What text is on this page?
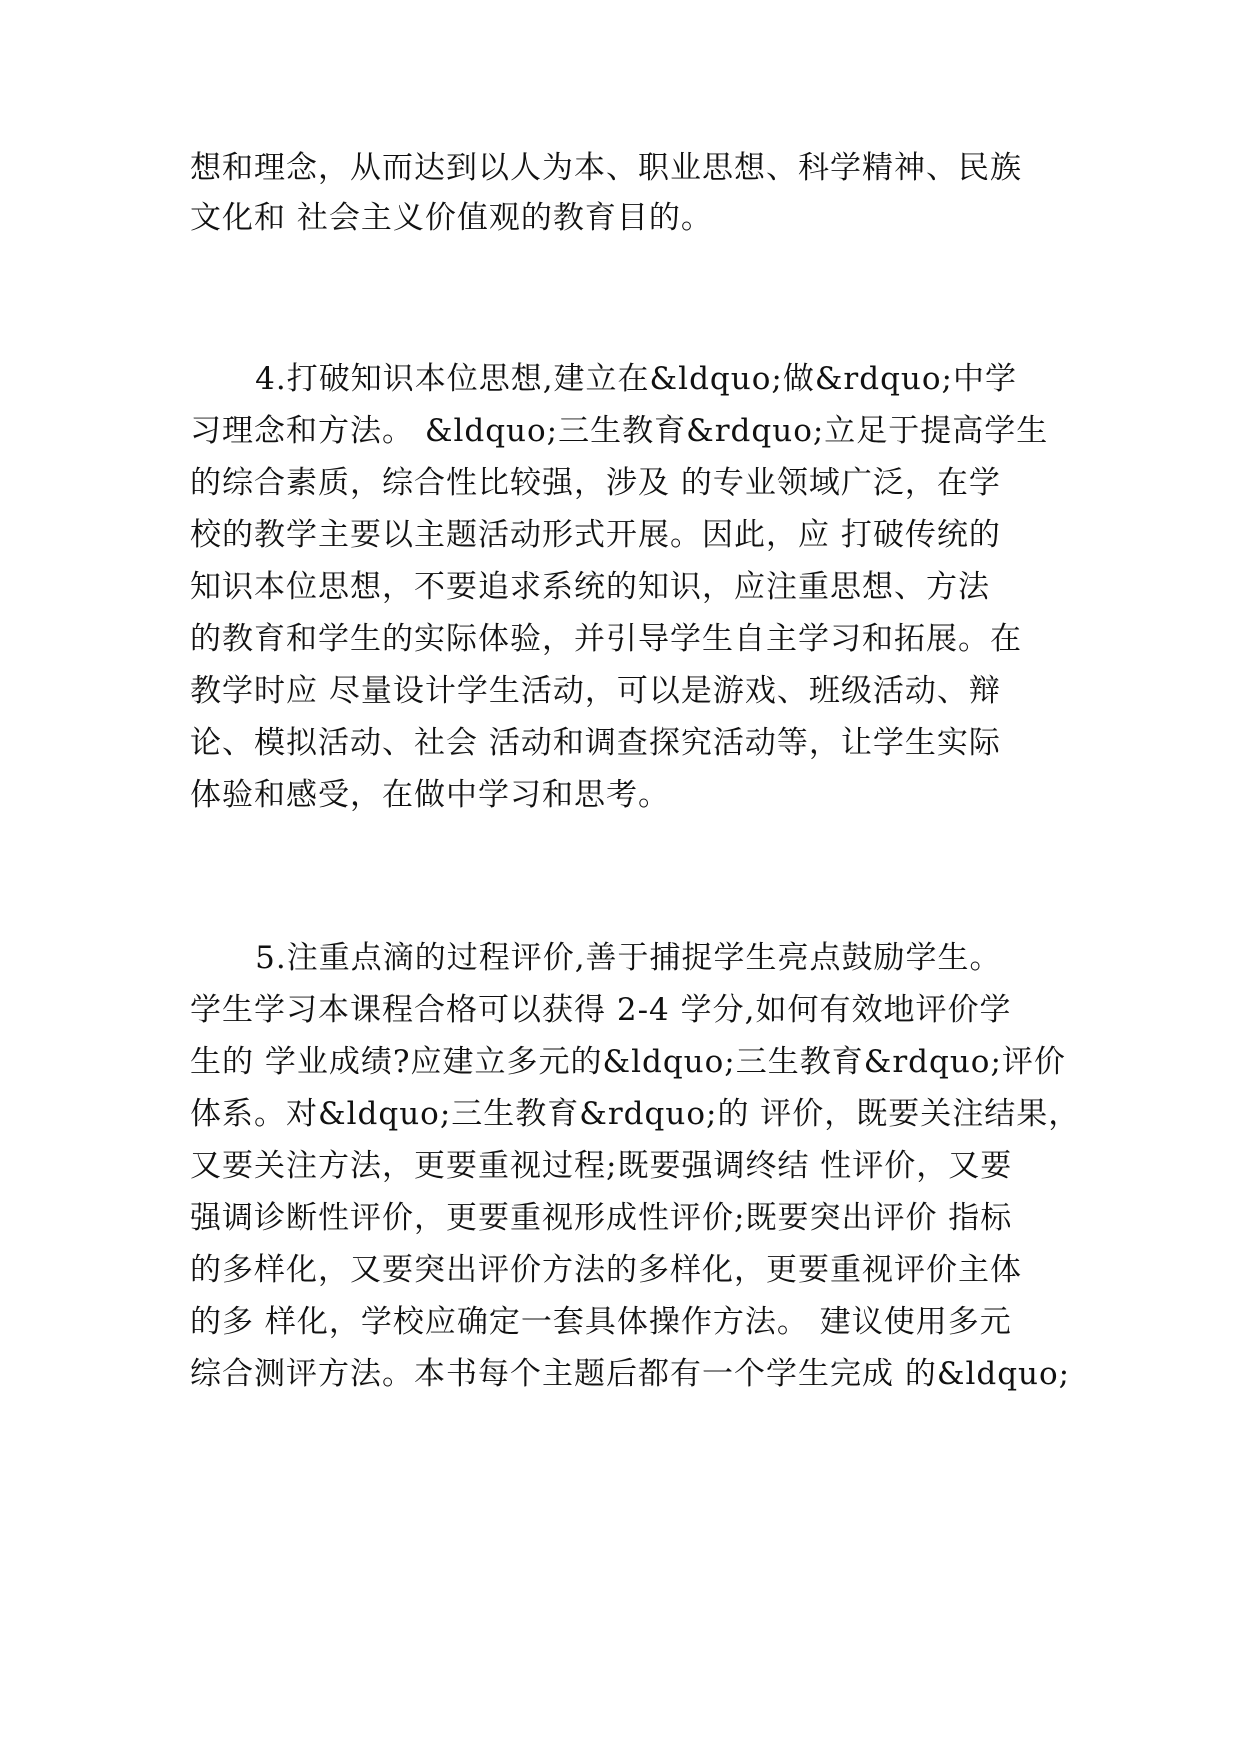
想和理念，从而达到以人为本、职业思想、科学精神、民族
文化和 社会主义价值观的教育目的。
4.打破知识本位思想,建立在&ldquo;做&rdquo;中学
习理念和方法。 &ldquo;三生教育&rdquo;立足于提高学生
的综合素质，综合性比较强，涉及 的专业领域广泛，在学
校的教学主要以主题活动形式开展。因此，应 打破传统的
知识本位思想，不要追求系统的知识，应注重思想、方法
的教育和学生的实际体验，并引导学生自主学习和拓展。在
教学时应 尽量设计学生活动，可以是游戏、班级活动、辩
论、模拟活动、社会 活动和调查探究活动等，让学生实际
体验和感受，在做中学习和思考。
5.注重点滴的过程评价,善于捕捉学生亮点鼓励学生。
学生学习本课程合格可以获得 2-4 学分,如何有效地评价学
生的 学业成绩?应建立多元的&ldquo;三生教育&rdquo;评价
体系。对&ldquo;三生教育&rdquo;的 评价，既要关注结果，
又要关注方法，更要重视过程;既要强调终结 性评价，又要
强调诊断性评价，更要重视形成性评价;既要突出评价 指标
的多样化，又要突出评价方法的多样化，更要重视评价主体
的多 样化，学校应确定一套具体操作方法。 建议使用多元
综合测评方法。本书每个主题后都有一个学生完成 的&ldquo;
